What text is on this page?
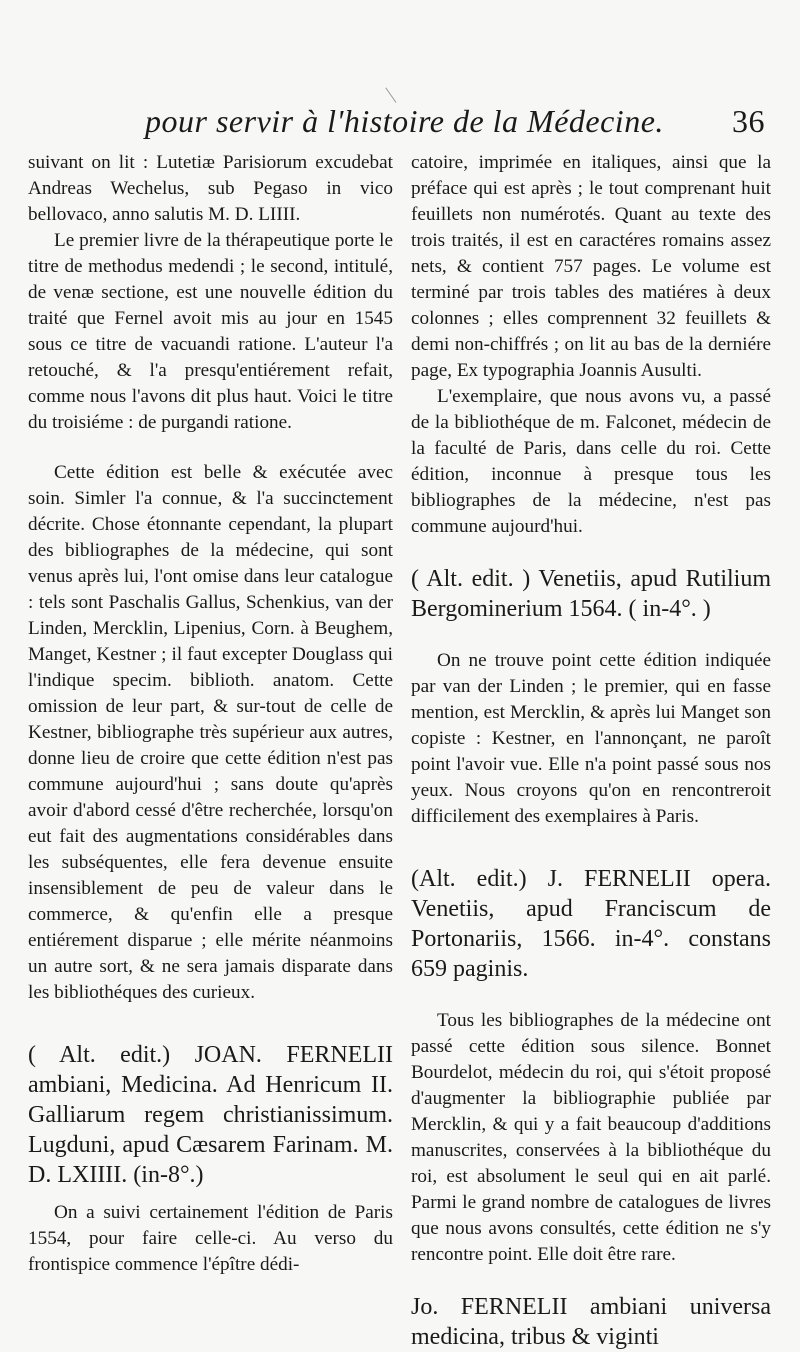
pour servir à l'histoire de la Médecine. 36

suivant on lit : Lutetiæ Parisiorum excudebat Andreas Wechelus, sub Pegaso in vico bellovaco, anno salutis M. D. LIIII.

Le premier livre de la thérapeutique porte le titre de methodus medendi ; le second, intitulé, de venæ sectione, est une nouvelle édition du traité que Fernel avoit mis au jour en 1545 sous ce titre de vacuandi ratione. L'auteur l'a retouché, & l'a presqu'entiérement refait, comme nous l'avons dit plus haut. Voici le titre du troisiéme : de purgandi ratione.

Cette édition est belle & exécutée avec soin. Simler l'a connue, & l'a succinctement décrite. Chose étonnante cependant, la plupart des bibliographes de la médecine, qui sont venus après lui, l'ont omise dans leur catalogue : tels sont Paschalis Gallus, Schenkius, van der Linden, Mercklin, Lipenius, Corn. à Beughem, Manget, Kestner ; il faut excepter Douglass qui l'indique specim. biblioth. anatom. Cette omission de leur part, & sur-tout de celle de Kestner, bibliographe très supérieur aux autres, donne lieu de croire que cette édition n'est pas commune aujourd'hui ; sans doute qu'après avoir d'abord cessé d'être recherchée, lorsqu'on eut fait des augmentations considérables dans les subséquentes, elle fera devenue ensuite insensiblement de peu de valeur dans le commerce, & qu'enfin elle a presque entiérement disparue ; elle mérite néanmoins un autre sort, & ne sera jamais disparate dans les bibliothéques des curieux.

( Alt. edit.) JOAN. FERNELII ambiani, Medicina. Ad Henricum II. Galliarum regem christianissimum. Lugduni, apud Cæsarem Farinam. M. D. LXIIII. (in-8°.)

On a suivi certainement l'édition de Paris 1554, pour faire celle-ci. Au verso du frontispice commence l'épître dédi-

catoire, imprimée en italiques, ainsi que la préface qui est après ; le tout comprenant huit feuillets non numérotés. Quant au texte des trois traités, il est en caractéres romains assez nets, & contient 757 pages. Le volume est terminé par trois tables des matiéres à deux colonnes ; elles comprennent 32 feuillets & demi non-chiffrés ; on lit au bas de la derniére page, Ex typographia Joannis Ausulti.

L'exemplaire, que nous avons vu, a passé de la bibliothéque de m. Falconet, médecin de la faculté de Paris, dans celle du roi. Cette édition, inconnue à presque tous les bibliographes de la médecine, n'est pas commune aujourd'hui.

( Alt. edit. ) Venetiis, apud Rutilium Bergominerium 1564. ( in-4°. )

On ne trouve point cette édition indiquée par van der Linden ; le premier, qui en fasse mention, est Mercklin, & après lui Manget son copiste : Kestner, en l'annonçant, ne paroît point l'avoir vue. Elle n'a point passé sous nos yeux. Nous croyons qu'on en rencontreroit difficilement des exemplaires à Paris.

(Alt. edit.) J. FERNELII opera. Venetiis, apud Franciscum de Portonariis, 1566. in-4°. constans 659 paginis.

Tous les bibliographes de la médecine ont passé cette édition sous silence. Bonnet Bourdelot, médecin du roi, qui s'étoit proposé d'augmenter la bibliographie publiée par Mercklin, & qui y a fait beaucoup d'additions manuscrites, conservées à la bibliothéque du roi, est absolument le seul qui en ait parlé. Parmi le grand nombre de catalogues de livres que nous avons consultés, cette édition ne s'y rencontre point. Elle doit être rare.

Jo. FERNELII ambiani universa medicina, tribus & viginti
